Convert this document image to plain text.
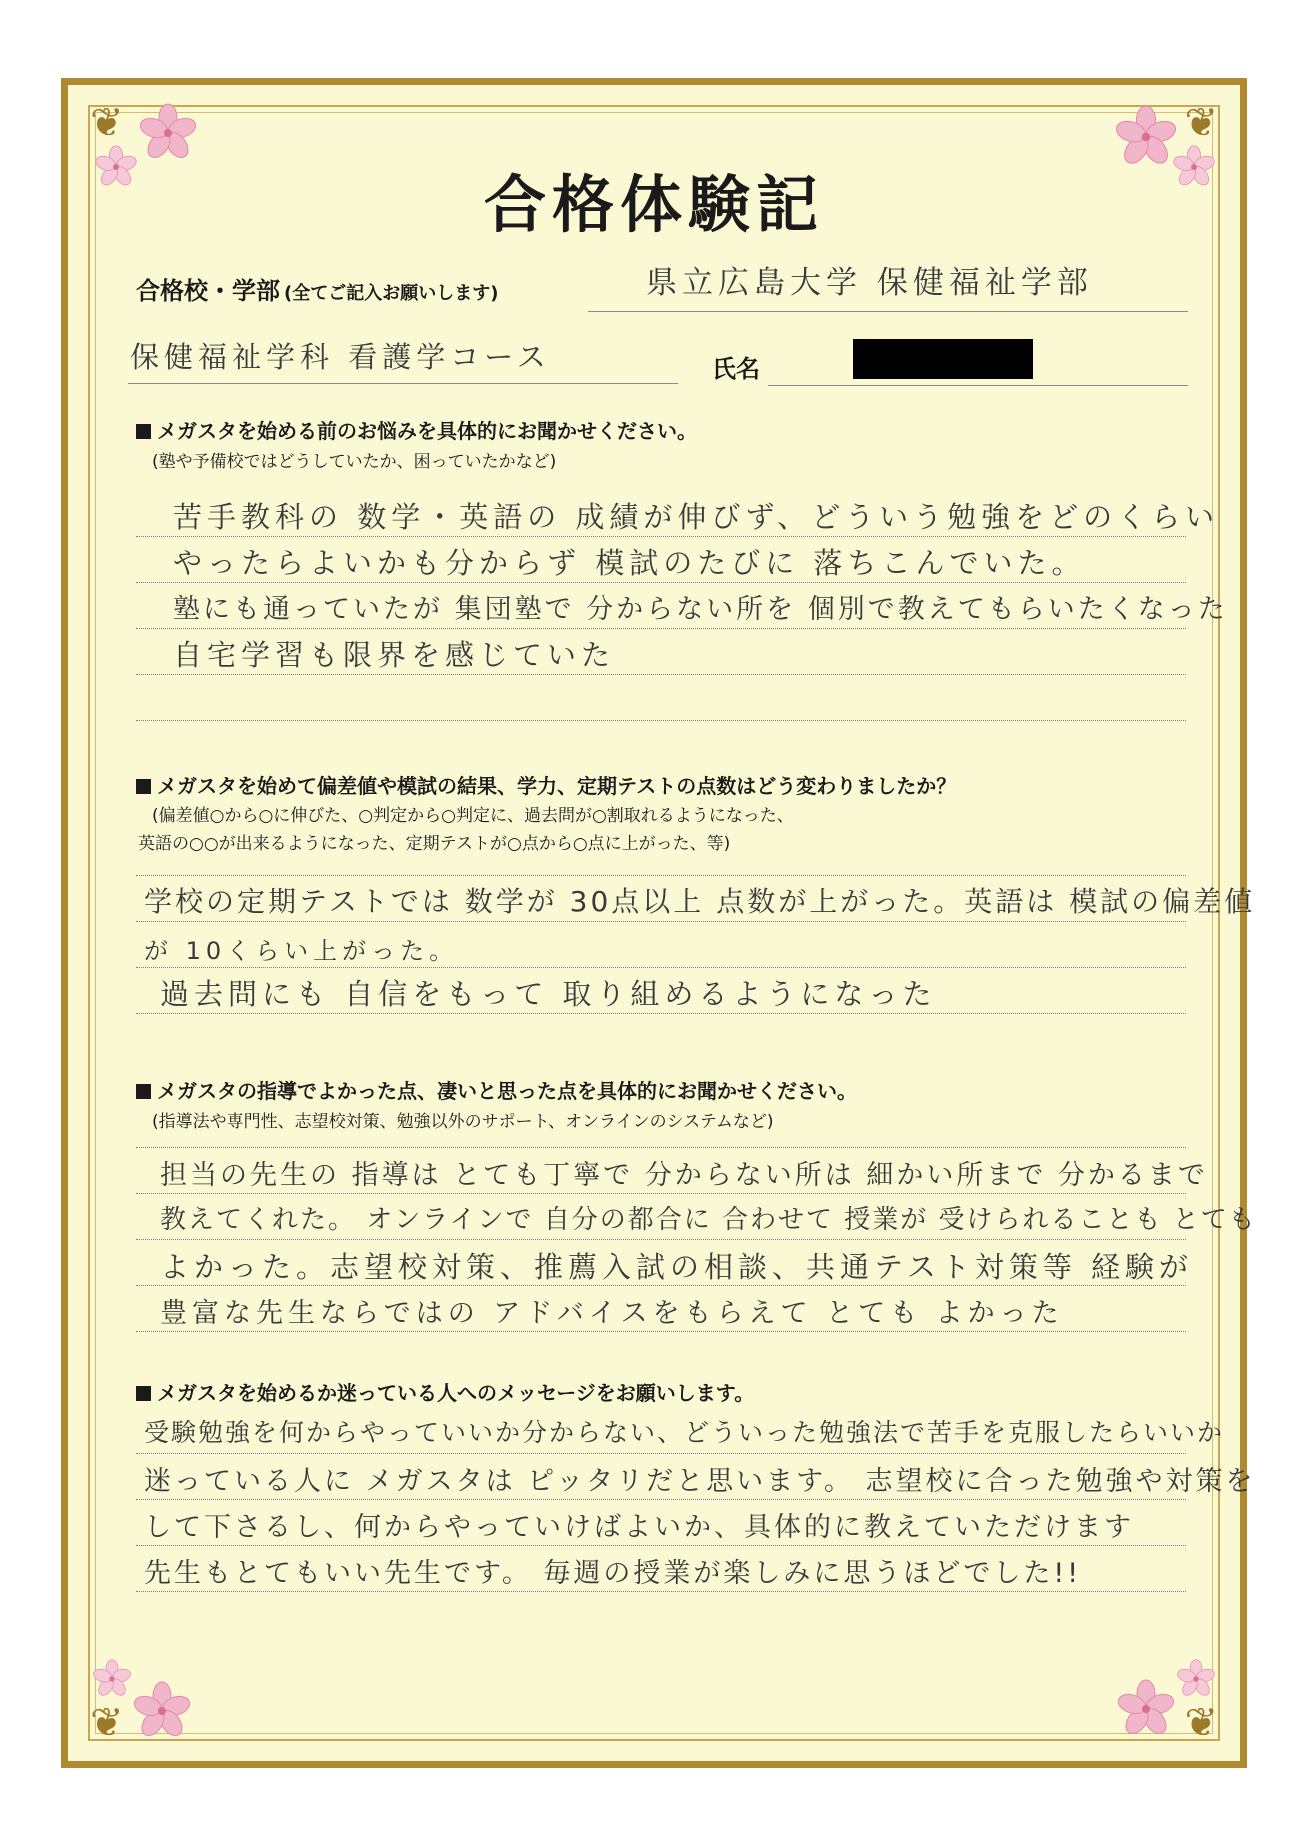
❦	❦
❦	❦
合格体験記
合格校・学部 (全てご記入お願いします)	県立広島大学 保健福祉学部
保健福祉学科 看護学コース	氏名
メガスタを始める前のお悩みを具体的にお聞かせください。
(塾や予備校ではどうしていたか、困っていたかなど)
苦手教科の 数学・英語の 成績が伸びず、どういう勉強をどのくらい
やったらよいかも分からず 模試のたびに 落ちこんでいた。
塾にも通っていたが 集団塾で 分からない所を 個別で教えてもらいたくなった
自宅学習も限界を感じていた
メガスタを始めて偏差値や模試の結果、学力、定期テストの点数はどう変わりましたか？
(偏差値○から○に伸びた、○判定から○判定に、過去問が○割取れるようになった、
英語の○○が出来るようになった、定期テストが○点から○点に上がった、等)
学校の定期テストでは 数学が 30点以上 点数が上がった。英語は 模試の偏差値
が 10くらい上がった。
過去問にも 自信をもって 取り組めるようになった
メガスタの指導でよかった点、凄いと思った点を具体的にお聞かせください。
(指導法や専門性、志望校対策、勉強以外のサポート、オンラインのシステムなど)
担当の先生の 指導は とても丁寧で 分からない所は 細かい所まで 分かるまで
教えてくれた。 オンラインで 自分の都合に 合わせて 授業が 受けられることも とても
よかった。志望校対策、推薦入試の相談、共通テスト対策等 経験が
豊富な先生ならではの アドバイスをもらえて とても よかった
メガスタを始めるか迷っている人へのメッセージをお願いします。
受験勉強を何からやっていいか分からない、どういった勉強法で苦手を克服したらいいか
迷っている人に メガスタは ピッタリだと思います。 志望校に合った勉強や対策を
して下さるし、何からやっていけばよいか、具体的に教えていただけます
先生もとてもいい先生です。 毎週の授業が楽しみに思うほどでした!!
